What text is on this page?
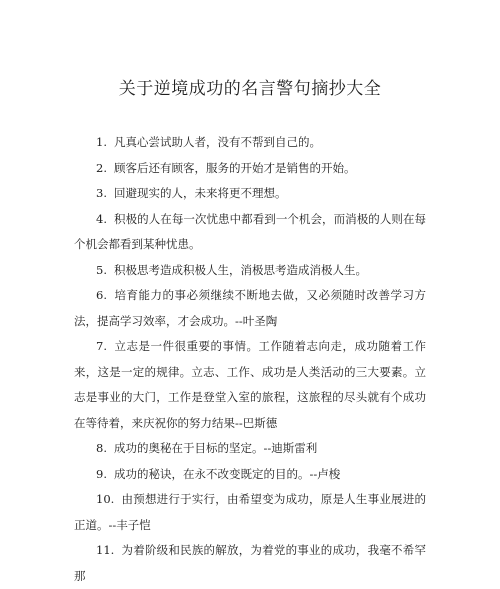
关于逆境成功的名言警句摘抄大全

1. 凡真心尝试助人者，没有不帮到自己的。

2. 顾客后还有顾客，服务的开始才是销售的开始。

3. 回避现实的人，未来将更不理想。

4. 积极的人在每一次忧患中都看到一个机会，而消极的人则在每个机会都看到某种忧患。

5. 积极思考造成积极人生，消极思考造成消极人生。

6. 培育能力的事必须继续不断地去做，又必须随时改善学习方法，提高学习效率，才会成功。--叶圣陶

7. 立志是一件很重要的事情。工作随着志向走，成功随着工作来，这是一定的规律。立志、工作、成功是人类活动的三大要素。立志是事业的大门，工作是登堂入室的旅程，这旅程的尽头就有个成功在等待着，来庆祝你的努力结果--巴斯德

8. 成功的奥秘在于目标的坚定。--迪斯雷利

9. 成功的秘诀，在永不改变既定的目的。--卢梭

10. 由预想进行于实行，由希望变为成功，原是人生事业展进的正道。--丰子恺

11. 为着阶级和民族的解放，为着党的事业的成功，我毫不希罕那
